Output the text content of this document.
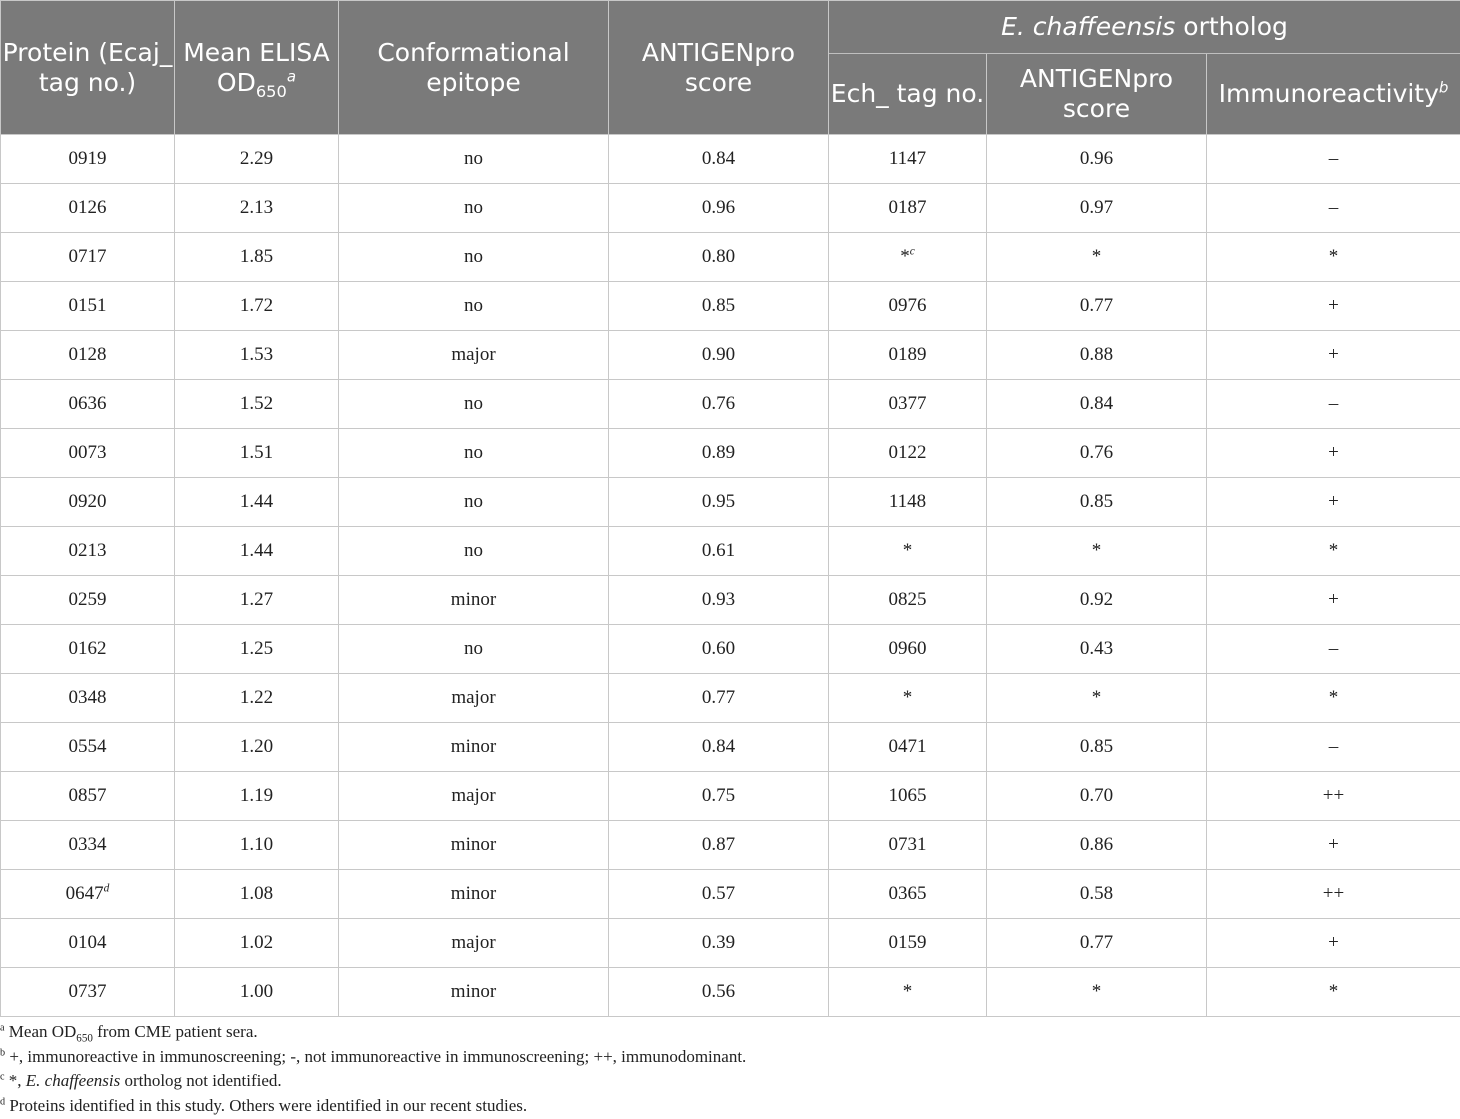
Protein (Ecaj_ tag no.)	Mean ELISA $OD_{650}^a$	Conformational epitope	ANTIGENpro score	E. chaffeensis ortholog		
				Ech_ tag no.	ANTIGENpro score	Immunoreactivity$^b$
0919	2.29	no	0.84	1147	0.96	–
0126	2.13	no	0.96	0187	0.97	–
0717	1.85	no	0.80	*$^c$	*	*
0151	1.72	no	0.85	0976	0.77	+
0128	1.53	major	0.90	0189	0.88	+
0636	1.52	no	0.76	0377	0.84	–
0073	1.51	no	0.89	0122	0.76	+
0920	1.44	no	0.95	1148	0.85	+
0213	1.44	no	0.61	*	*	*
0259	1.27	minor	0.93	0825	0.92	+
0162	1.25	no	0.60	0960	0.43	–
0348	1.22	major	0.77	*	*	*
0554	1.20	minor	0.84	0471	0.85	–
0857	1.19	major	0.75	1065	0.70	++
0334	1.10	minor	0.87	0731	0.86	+
$0647^d$	1.08	minor	0.57	0365	0.58	++
0104	1.02	major	0.39	0159	0.77	+
0737	1.00	minor	0.56	*	*	*
$^a$ Mean $OD_{650}$ from CME patient sera.
$^b$ +, immunoreactive in immunoscreening; -, not immunoreactive in immunoscreening; ++, immunodominant.
$^c$ *, E. chaffeensis ortholog not identified.
$^d$ Proteins identified in this study. Others were identified in our recent studies.
